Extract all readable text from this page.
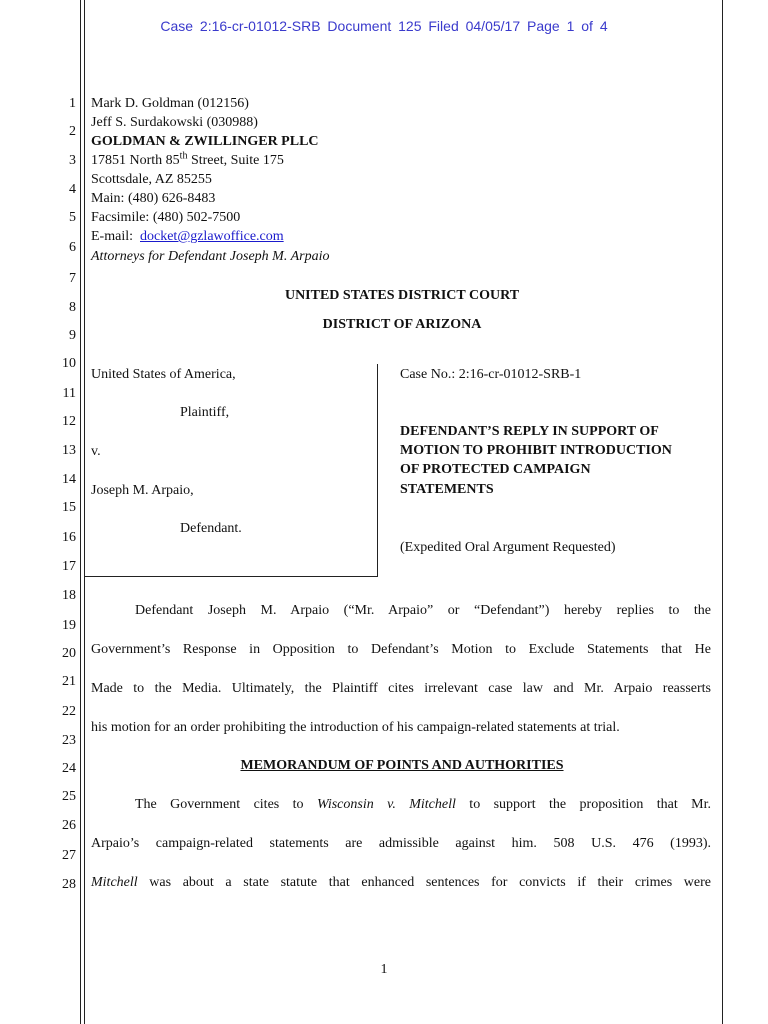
Case 2:16-cr-01012-SRB Document 125 Filed 04/05/17 Page 1 of 4
1
2
3
4
5
6
7
8
9
10
11
12
13
14
15
16
17
18
19
20
21
22
23
24
25
26
27
28
Mark D. Goldman (012156)
Jeff S. Surdakowski (030988)
GOLDMAN & ZWILLINGER PLLC
17851 North 85th Street, Suite 175
Scottsdale, AZ 85255
Main: (480) 626-8483
Facsimile: (480) 502-7500
E-mail:  docket@gzlawoffice.com
Attorneys for Defendant Joseph M. Arpaio
UNITED STATES DISTRICT COURT
DISTRICT OF ARIZONA
United States of America,
Plaintiff,
v.
Joseph M. Arpaio,
Defendant.
Case No.: 2:16-cr-01012-SRB-1
DEFENDANT’S REPLY IN SUPPORT OF
MOTION TO PROHIBIT INTRODUCTION
OF PROTECTED CAMPAIGN
STATEMENTS
(Expedited Oral Argument Requested)
Defendant Joseph M. Arpaio (“Mr. Arpaio” or “Defendant”) hereby replies to the
Government’s Response in Opposition to Defendant’s Motion to Exclude Statements that He
Made to the Media. Ultimately, the Plaintiff cites irrelevant case law and Mr. Arpaio reasserts
his motion for an order prohibiting the introduction of his campaign-related statements at trial.
MEMORANDUM OF POINTS AND AUTHORITIES
The Government cites to Wisconsin v. Mitchell to support the proposition that Mr.
Arpaio’s campaign-related statements are admissible against him. 508 U.S. 476 (1993).
Mitchell was about a state statute that enhanced sentences for convicts if their crimes were
1
